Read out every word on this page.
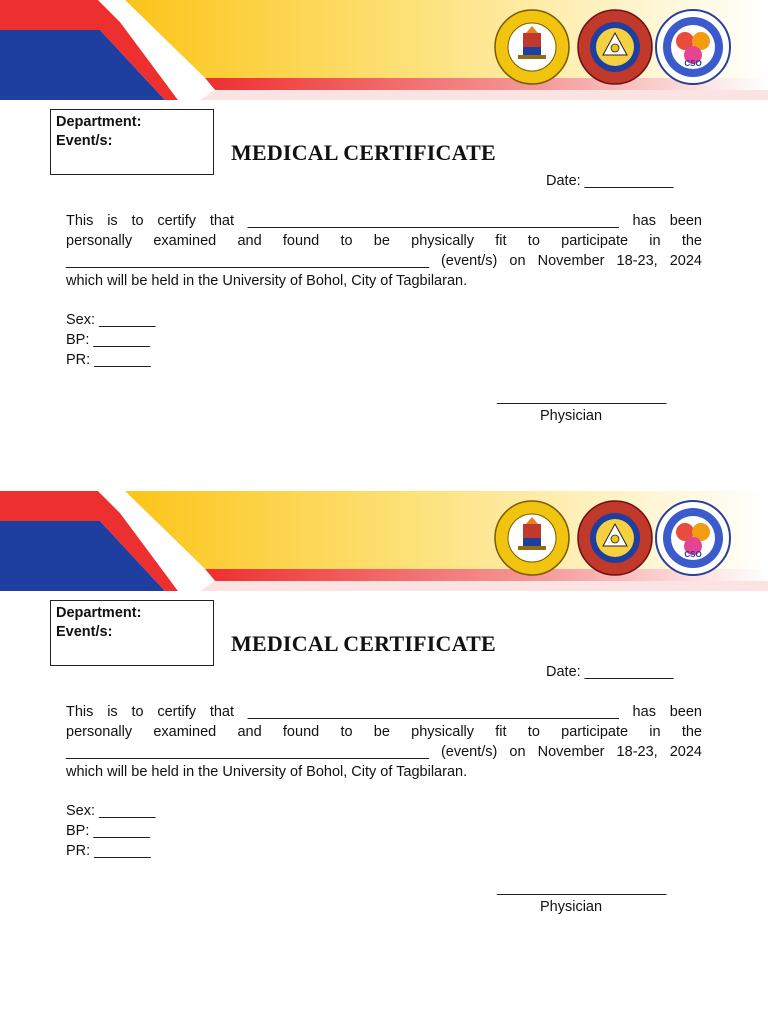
CSO
Department:
Event/s:	MEDICAL CERTIFICATE
Date: ___________
This is to certify that ______________________________________________ has been
personally examined and found to be physically fit to participate in the
_____________________________________________ (event/s) on November 18-23, 2024
which will be held in the University of Bohol, City of Tagbilaran.
Sex: _______
BP: _______
PR: _______
_____________________
Physician
CSO
Department:
Event/s:	MEDICAL CERTIFICATE
Date: ___________
This is to certify that ______________________________________________ has been
personally examined and found to be physically fit to participate in the
_____________________________________________ (event/s) on November 18-23, 2024
which will be held in the University of Bohol, City of Tagbilaran.
Sex: _______
BP: _______
PR: _______
_____________________
Physician
